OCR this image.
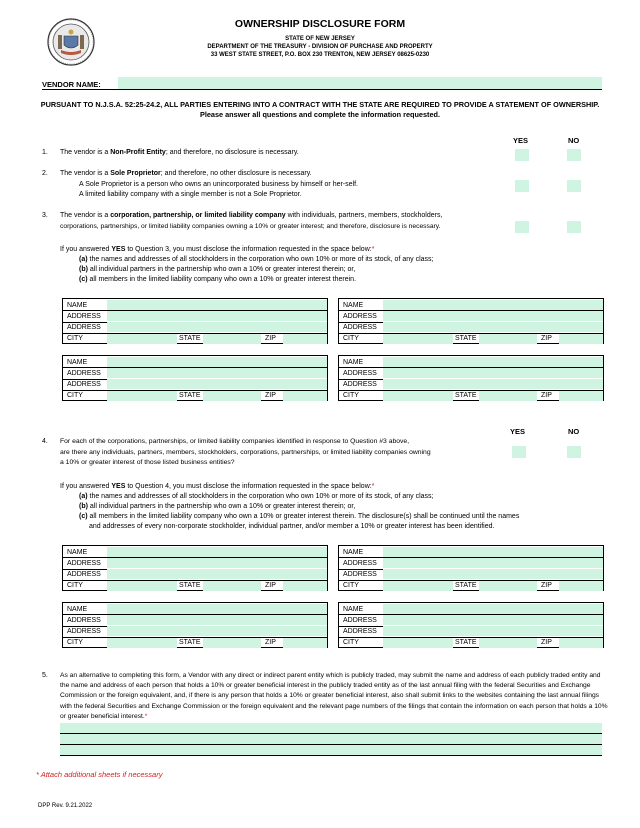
OWNERSHIP DISCLOSURE FORM
STATE OF NEW JERSEY
DEPARTMENT OF THE TREASURY - DIVISION OF PURCHASE AND PROPERTY
33 WEST STATE STREET, P.O. BOX 230 TRENTON, NEW JERSEY 08625-0230
VENDOR NAME:
PURSUANT TO N.J.S.A. 52:25-24.2, ALL PARTIES ENTERING INTO A CONTRACT WITH THE STATE ARE REQUIRED TO PROVIDE A STATEMENT OF OWNERSHIP.
Please answer all questions and complete the information requested.
YES	NO
1. The vendor is a Non-Profit Entity; and therefore, no disclosure is necessary.
2. The vendor is a Sole Proprietor; and therefore, no other disclosure is necessary.
A Sole Proprietor is a person who owns an unincorporated business by himself or her-self.
A limited liability company with a single member is not a Sole Proprietor.
3. The vendor is a corporation, partnership, or limited liability company with individuals, partners, members, stockholders,
corporations, partnerships, or limited liability companies owning a 10% or greater interest; and therefore, disclosure is necessary.
If you answered YES to Question 3, you must disclose the information requested in the space below:*
(a) the names and addresses of all stockholders in the corporation who own 10% or more of its stock, of any class;
(b) all individual partners in the partnership who own a 10% or greater interest therein; or,
(c) all members in the limited liability company who own a 10% or greater interest therein.
NAME
ADDRESS
ADDRESS
CITY	STATE	ZIP
NAME
ADDRESS
ADDRESS
CITY	STATE	ZIP
NAME
ADDRESS
ADDRESS
CITY	STATE	ZIP
NAME
ADDRESS
ADDRESS
CITY	STATE	ZIP
YES	NO
4. For each of the corporations, partnerships, or limited liability companies identified in response to Question #3 above,
are there any individuals, partners, members, stockholders, corporations, partnerships, or limited liability companies owning
a 10% or greater interest of those listed business entities?
If you answered YES to Question 4, you must disclose the information requested in the space below:*
(a) the names and addresses of all stockholders in the corporation who own 10% or more of its stock, of any class;
(b) all individual partners in the partnership who own a 10% or greater interest therein; or,
(c) all members in the limited liability company who own a 10% or greater interest therein. The disclosure(s) shall be continued until the names
and addresses of every non-corporate stockholder, individual partner, and/or member a 10% or greater interest has been identified.
NAME
ADDRESS
ADDRESS
CITY	STATE	ZIP
NAME
ADDRESS
ADDRESS
CITY	STATE	ZIP
NAME
ADDRESS
ADDRESS
CITY	STATE	ZIP
NAME
ADDRESS
ADDRESS
CITY	STATE	ZIP
5. As an alternative to completing this form, a Vendor with any direct or indirect parent entity which is publicly traded, may submit the name and address of each publicly traded entity and the name and address of each person that holds a 10% or greater beneficial interest in the publicly traded entity as of the last annual filing with the federal Securities and Exchange Commission or the foreign equivalent, and, if there is any person that holds a 10% or greater beneficial interest, also shall submit links to the websites containing the last annual filings with the federal Securities and Exchange Commission or the foreign equivalent and the relevant page numbers of the filings that contain the information on each person that holds a 10% or greater beneficial interest.*
* Attach additional sheets if necessary
DPP Rev. 9.21.2022
